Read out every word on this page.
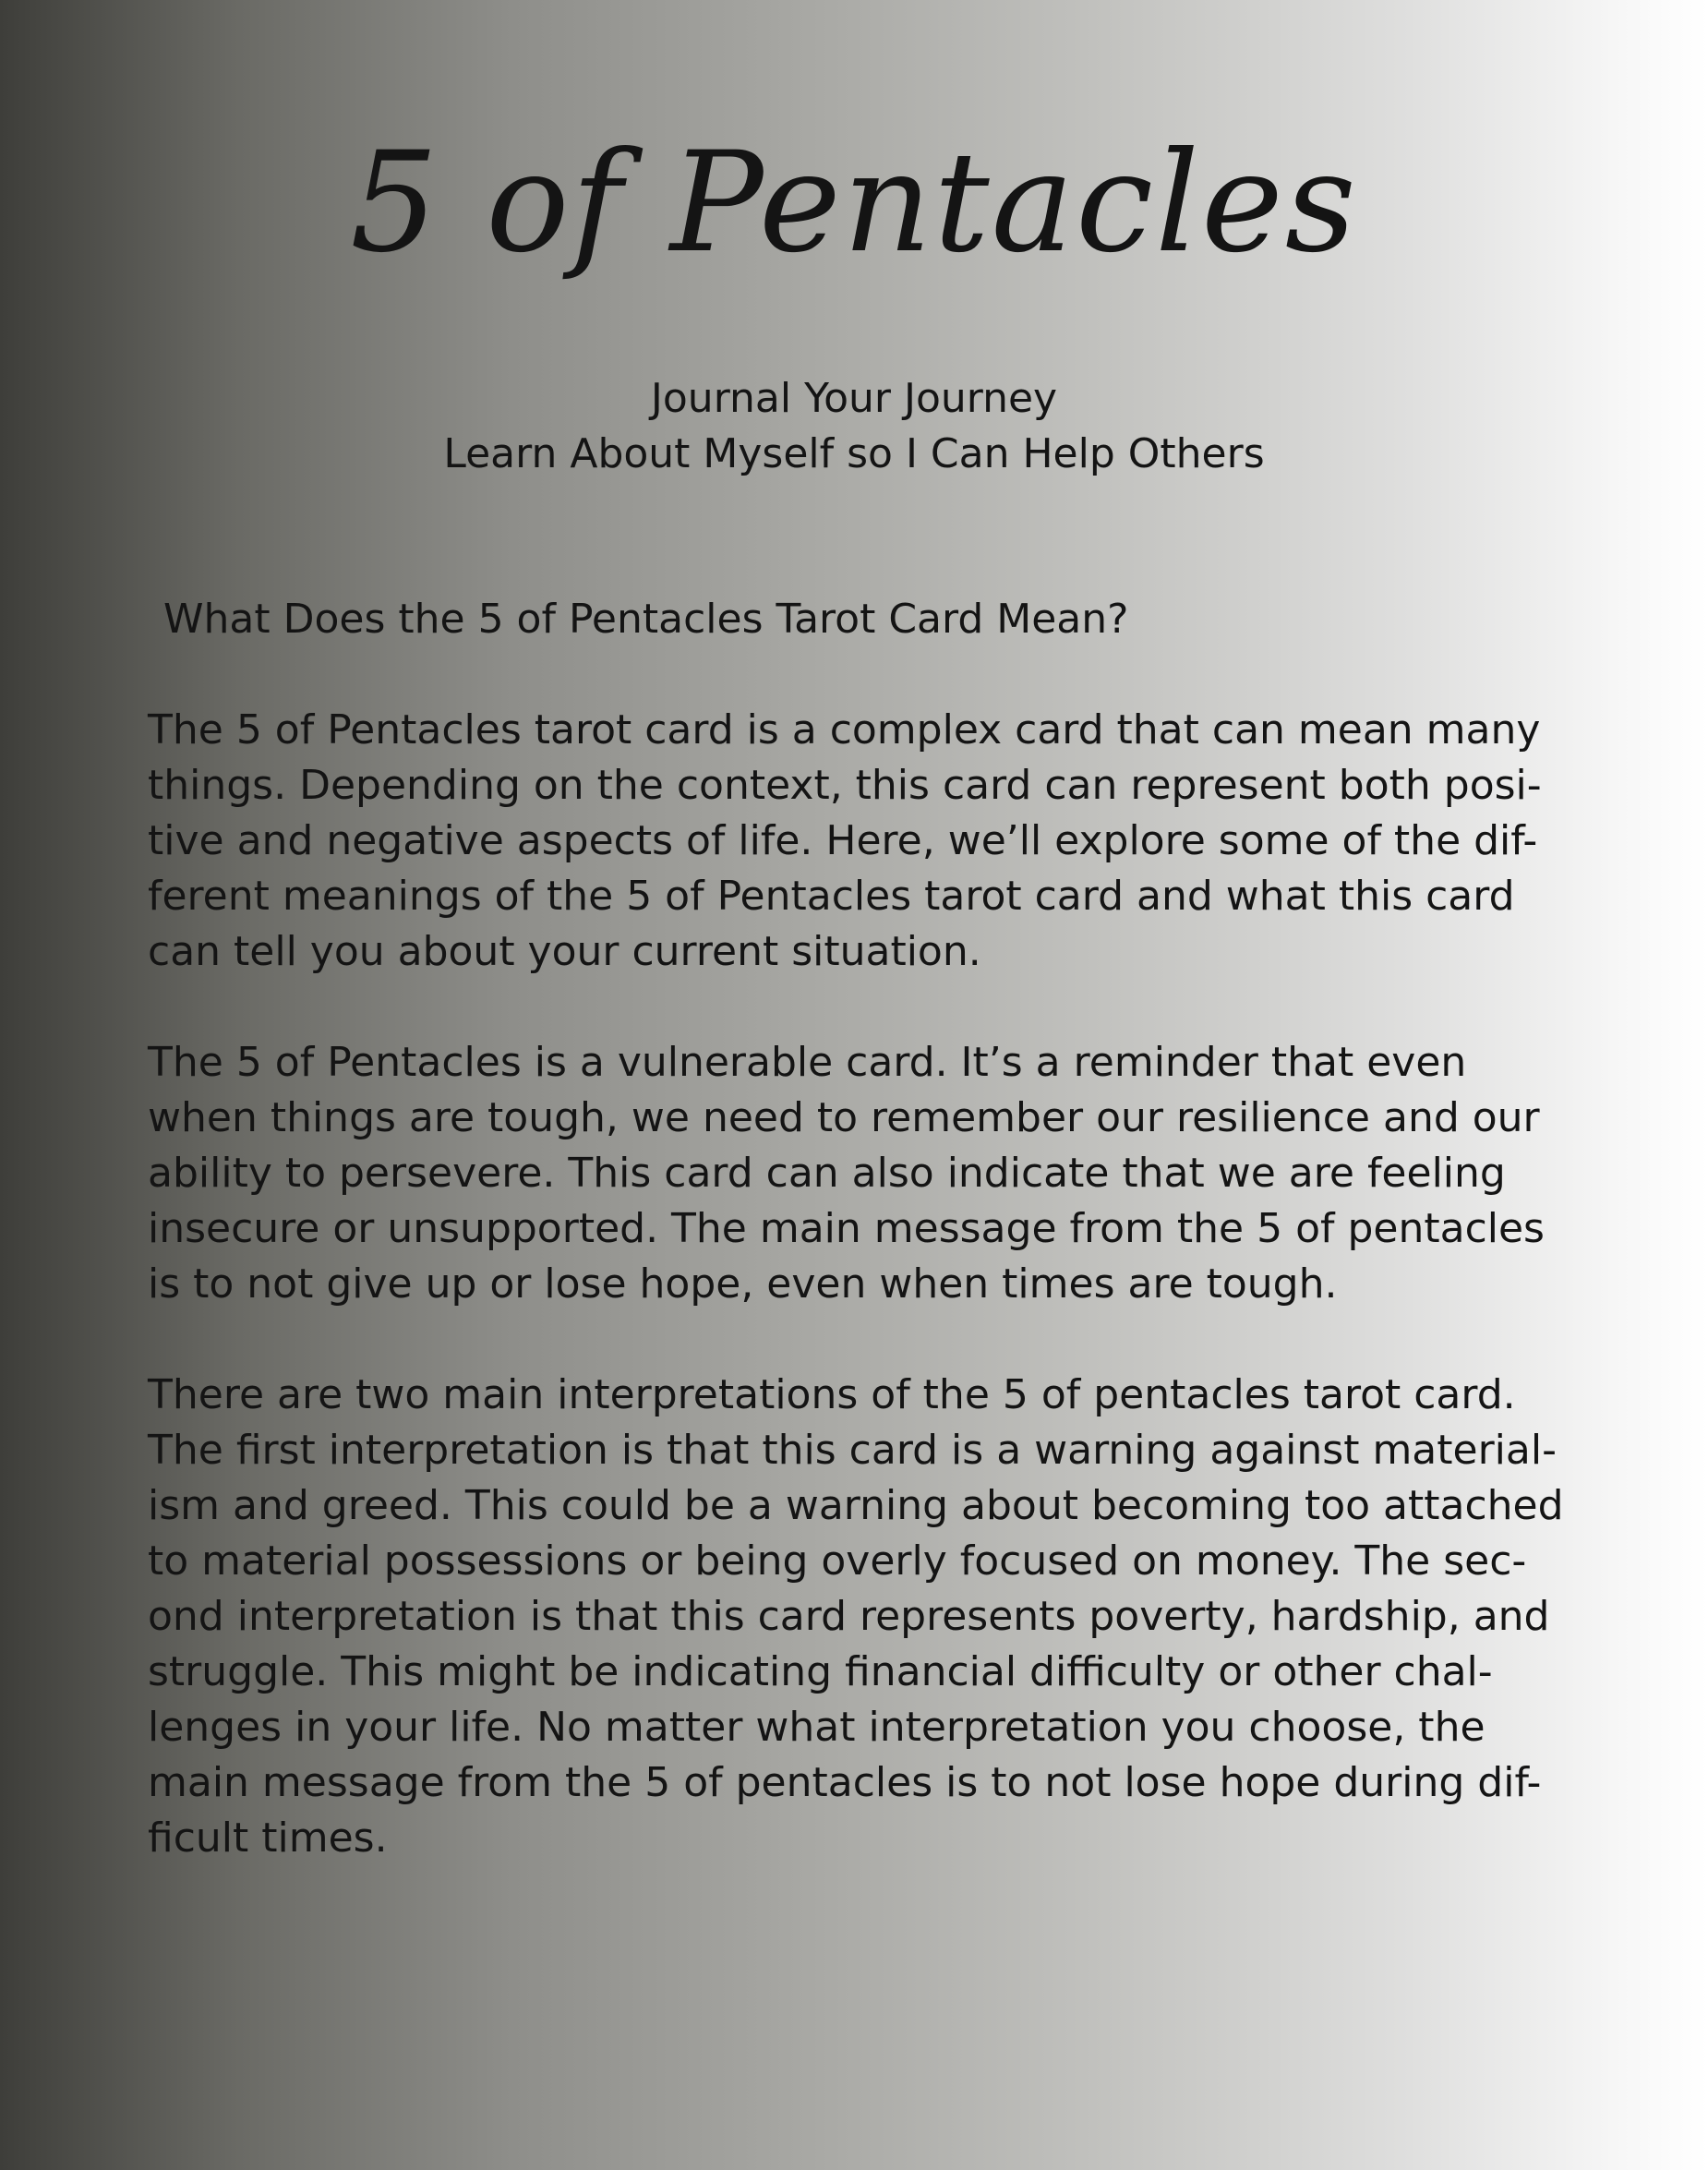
5 of Pentacles

Journal Your Journey

Learn About Myself so I Can Help Others

What Does the 5 of Pentacles Tarot Card Mean?

The 5 of Pentacles tarot card is a complex card that can mean many
things. Depending on the context, this card can represent both posi-
tive and negative aspects of life. Here, we’ll explore some of the dif-
ferent meanings of the 5 of Pentacles tarot card and what this card
can tell you about your current situation.

The 5 of Pentacles is a vulnerable card. It’s a reminder that even
when things are tough, we need to remember our resilience and our
ability to persevere. This card can also indicate that we are feeling
insecure or unsupported. The main message from the 5 of pentacles
is to not give up or lose hope, even when times are tough.

There are two main interpretations of the 5 of pentacles tarot card.
The first interpretation is that this card is a warning against material-
ism and greed. This could be a warning about becoming too attached
to material possessions or being overly focused on money. The sec-
ond interpretation is that this card represents poverty, hardship, and
struggle. This might be indicating financial difficulty or other chal-
lenges in your life. No matter what interpretation you choose, the
main message from the 5 of pentacles is to not lose hope during dif-
ficult times.
